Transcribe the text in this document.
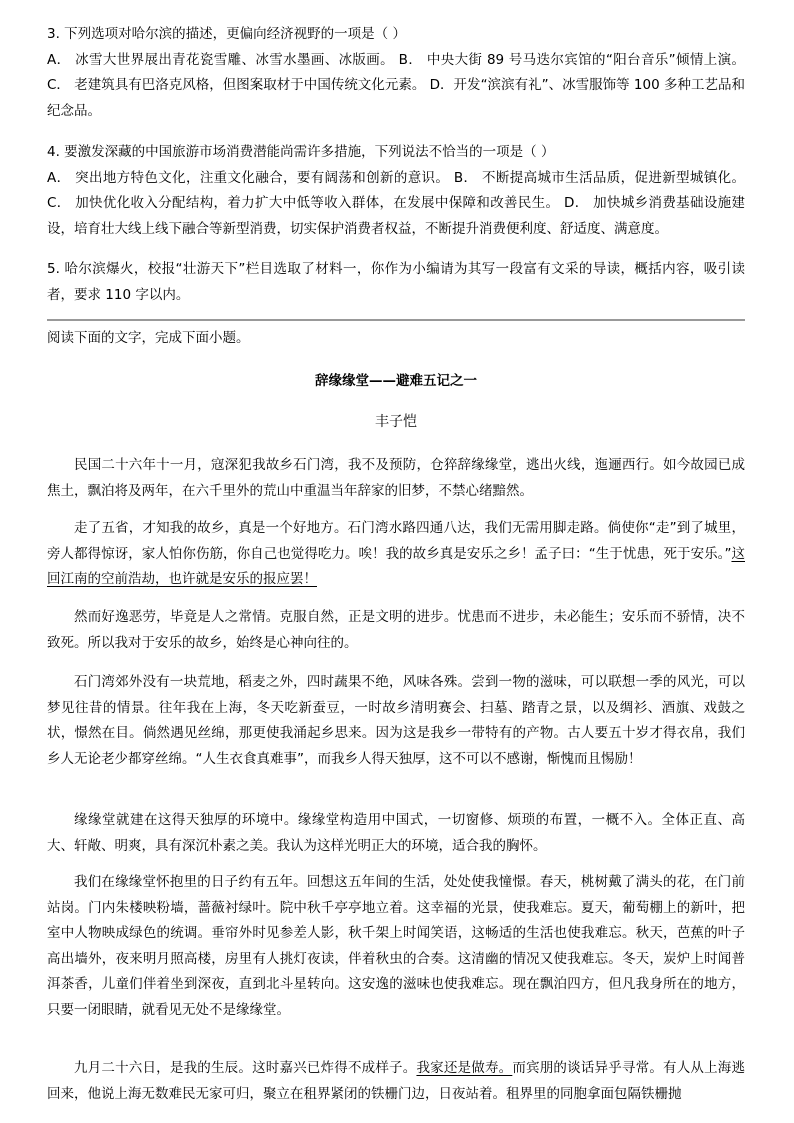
3. 下列选项对哈尔滨的描述，更偏向经济视野的一项是（ ）
A． 冰雪大世界展出青花瓷雪雕、冰雪水墨画、冰版画。 B． 中央大街 89 号马迭尔宾馆的“阳台音乐”倾情上演。 C． 老建筑具有巴洛克风格，但图案取材于中国传统文化元素。 D．开发“滨滨有礼”、冰雪服饰等 100 多种工艺品和纪念品。

4. 要激发深藏的中国旅游市场消费潜能尚需许多措施，下列说法不恰当的一项是（ ）
A． 突出地方特色文化，注重文化融合，要有阔荡和创新的意识。 B． 不断提高城市生活品质，促进新型城镇化。 C． 加快优化收入分配结构，着力扩大中低等收入群体，在发展中保障和改善民生。 D． 加快城乡消费基础设施建设，培育壮大线上线下融合等新型消费，切实保护消费者权益，不断提升消费便利度、舒适度、满意度。

5. 哈尔滨爆火，校报“壮游天下”栏目选取了材料一，你作为小编请为其写一段富有文采的导读，概括内容，吸引读者，要求 110 字以内。

阅读下面的文字，完成下面小题。

辞缘缘堂——避难五记之一

丰子恺

民国二十六年十一月，寇深犯我故乡石门湾，我不及预防，仓猝辞缘缘堂，逃出火线，迤逦西行。如今故园已成焦土，飘泊将及两年，在六千里外的荒山中重温当年辞家的旧梦，不禁心绪黯然。

走了五省，才知我的故乡，真是一个好地方。石门湾水路四通八达，我们无需用脚走路。倘使你“走”到了城里，旁人都得惊讶，家人怕你伤筋，你自己也觉得吃力。唉！我的故乡真是安乐之乡！孟子曰：“生于忧患，死于安乐。”这回江南的空前浩劫，也许就是安乐的报应罢！

然而好逸恶劳，毕竟是人之常情。克服自然，正是文明的进步。忧患而不进步，未必能生；安乐而不骄情，决不致死。所以我对于安乐的故乡，始终是心神向往的。

石门湾郊外没有一块荒地，稻麦之外，四时蔬果不绝，风味各殊。尝到一物的滋味，可以联想一季的风光，可以梦见往昔的情景。往年我在上海，冬天吃新蚕豆，一时故乡清明赛会、扫墓、踏青之景，以及绸衫、酒旗、戏鼓之状，憬然在目。倘然遇见丝绵，那更使我涌起乡思来。因为这是我乡一带特有的产物。古人要五十岁才得衣帛，我们乡人无论老少都穿丝绵。“人生衣食真难事”，而我乡人得天独厚，这不可以不感谢，惭愧而且惕励！

缘缘堂就建在这得天独厚的环境中。缘缘堂构造用中国式，一切窗修、烦琐的布置，一概不入。全体正直、高大、轩敞、明爽，具有深沉朴素之美。我认为这样光明正大的环境，适合我的胸怀。

我们在缘缘堂怀抱里的日子约有五年。回想这五年间的生活，处处使我憧憬。春天，桃树戴了满头的花，在门前站岗。门内朱楼映粉墙，蔷薇衬绿叶。院中秋千亭亭地立着。这幸福的光景，使我难忘。夏天，葡萄棚上的新叶，把室中人物映成绿色的统调。垂帘外时见参差人影，秋千架上时闻笑语，这畅适的生活也使我难忘。秋天，芭蕉的叶子高出墙外，夜来明月照高楼，房里有人挑灯夜读，伴着秋虫的合奏。这清幽的情况又使我难忘。冬天，炭炉上时闻普洱茶香，儿童们伴着坐到深夜，直到北斗星转向。这安逸的滋味也使我难忘。现在飘泊四方，但凡我身所在的地方，只要一闭眼睛，就看见无处不是缘缘堂。

九月二十六日，是我的生辰。这时嘉兴已炸得不成样子。我家还是做寿。而宾朋的谈话异乎寻常。有人从上海逃回来，他说上海无数难民无家可归，聚立在租界紧闭的铁栅门边，日夜站着。租界里的同胞拿面包隔铁栅抛
